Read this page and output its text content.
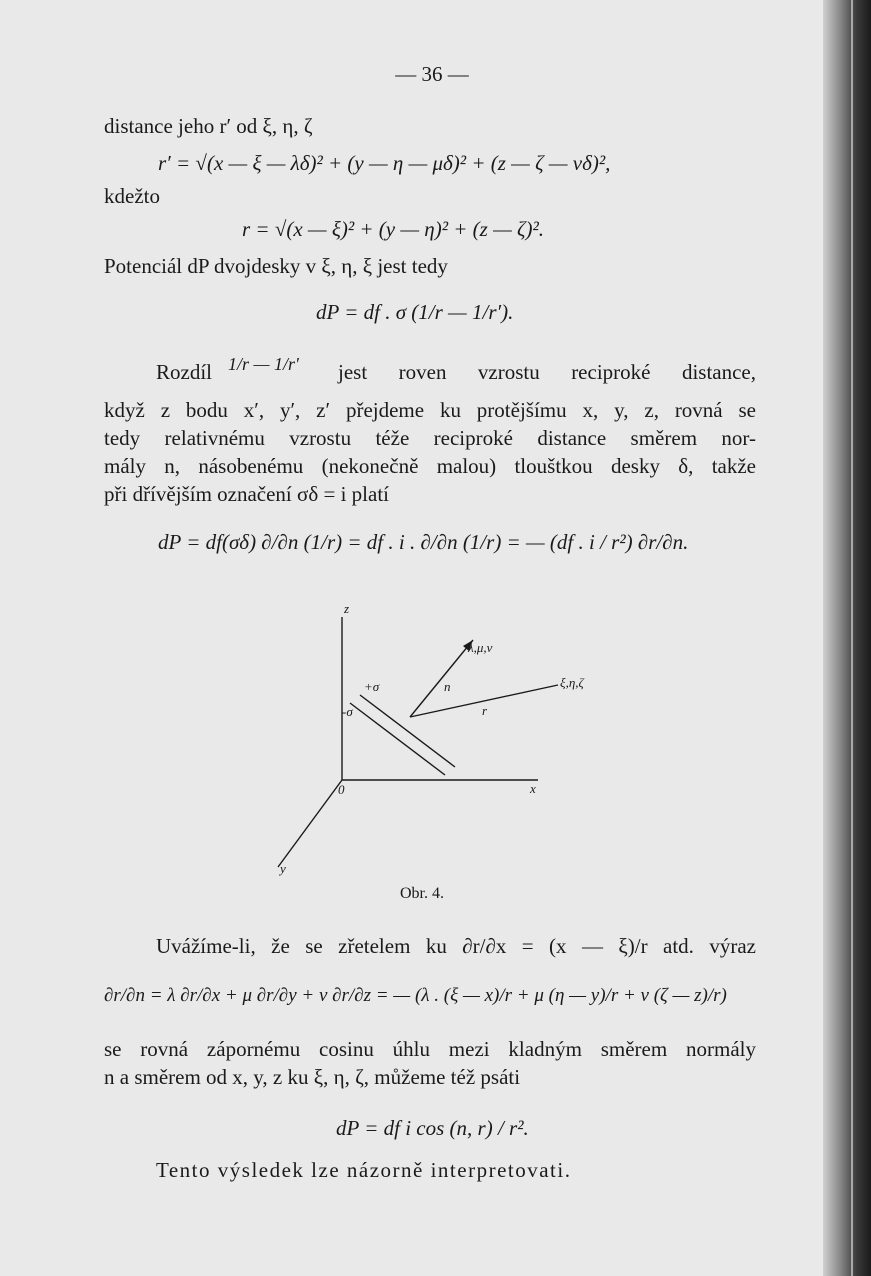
— 36 —
distance jeho r′ od ξ, η, ζ
r′ = √(x — ξ — λδ)² + (y — η — μδ)² + (z — ζ — νδ)²,
kdežto
r = √(x — ξ)² + (y — η)² + (z — ζ)².
Potenciál dP dvojdesky v ξ, η, ξ jest tedy
dP = df . σ (1/r — 1/r′).
Rozdíl 1/r — 1/r′ jest roven vzrostu reciproké distance,
když z bodu x′, y′, z′ přejdeme ku protějšímu x, y, z, rovná se
tedy relativnému vzrostu téže reciproké distance směrem nor-
mály n, násobenému (nekonečně malou) tlouštkou desky δ, takže
při dřívějším označení σδ = i platí
dP = df(σδ) ∂/∂n (1/r) = df . i . ∂/∂n (1/r) = — (df . i / r²) ∂r/∂n.
z
λ,μ,ν
+σ
-σ
n	ξ,η,ζ
r
0	x
y
Obr. 4.
Uvážíme-li, že se zřetelem ku ∂r/∂x = (x — ξ)/r atd. výraz
∂r/∂n = λ ∂r/∂x + μ ∂r/∂y + ν ∂r/∂z = — (λ . (ξ — x)/r + μ (η — y)/r + ν (ζ — z)/r)
se rovná zápornému cosinu úhlu mezi kladným směrem normály
n a směrem od x, y, z ku ξ, η, ζ, můžeme též psáti
dP = df i cos (n, r) / r².
Tento výsledek lze názorně interpretovati.
